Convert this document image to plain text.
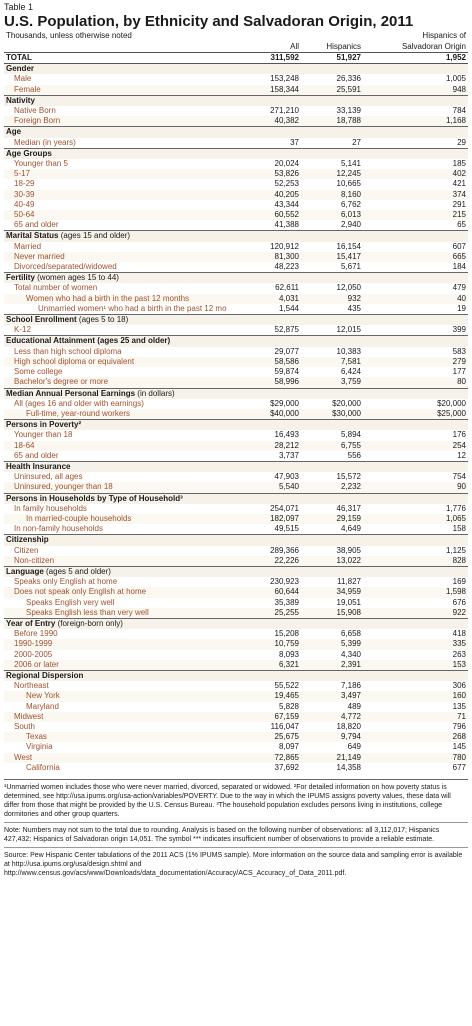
Table 1
U.S. Population, by Ethnicity and Salvadoran Origin, 2011
Thousands, unless otherwise noted			Hispanics of
	All	Hispanics	Salvadoran Origin
TOTAL	311,592	51,927	1,952
Gender			
Male	153,248	26,336	1,005
Female	158,344	25,591	948
Nativity			
Native Born	271,210	33,139	784
Foreign Born	40,382	18,788	1,168
Age			
Median (in years)	37	27	29
Age Groups			
Younger than 5	20,024	5,141	185
5-17	53,826	12,245	402
18-29	52,253	10,665	421
30-39	40,205	8,160	374
40-49	43,344	6,762	291
50-64	60,552	6,013	215
65 and older	41,388	2,940	65
Marital Status (ages 15 and older)			
Married	120,912	16,154	607
Never married	81,300	15,417	665
Divorced/separated/widowed	48,223	5,671	184
Fertility (women ages 15 to 44)			
Total number of women	62,611	12,050	479
Women who had a birth in the past 12 months	4,031	932	40
Unmarried women¹ who had a birth in the past 12 mo	1,544	435	19
School Enrollment (ages 5 to 18)			
K-12	52,875	12,015	399
Educational Attainment (ages 25 and older)			
Less than high school diploma	29,077	10,383	583
High school diploma or equivalent	58,586	7,581	279
Some college	59,874	6,424	177
Bachelor's degree or more	58,996	3,759	80
Median Annual Personal Earnings (in dollars)			
All (ages 16 and older with earnings)	$29,000	$20,000	$20,000
Full-time, year-round workers	$40,000	$30,000	$25,000
Persons in Poverty²			
Younger than 18	16,493	5,894	176
18-64	28,212	6,755	254
65 and older	3,737	556	12
Health Insurance			
Uninsured, all ages	47,903	15,572	754
Uninsured, younger than 18	5,540	2,232	90
Persons in Households by Type of Household³			
In family households	254,071	46,317	1,776
In married-couple households	182,097	29,159	1,065
In non-family households	49,515	4,649	158
Citizenship			
Citizen	289,366	38,905	1,125
Non-citizen	22,226	13,022	828
Language (ages 5 and older)			
Speaks only English at home	230,923	11,827	169
Does not speak only English at home	60,644	34,959	1,598
Speaks English very well	35,389	19,051	676
Speaks English less than very well	25,255	15,908	922
Year of Entry (foreign-born only)			
Before 1990	15,208	6,658	418
1990-1999	10,759	5,399	335
2000-2005	8,093	4,340	263
2006 or later	6,321	2,391	153
Regional Dispersion			
Northeast	55,522	7,186	306
New York	19,465	3,497	160
Maryland	5,828	489	135
Midwest	67,159	4,772	71
South	116,047	18,820	796
Texas	25,675	9,794	268
Virginia	8,097	649	145
West	72,865	21,149	780
California	37,692	14,358	677
¹Unmarried women includes those who were never married, divorced, separated or widowed. ²For detailed information on how poverty status is determined, see http://usa.ipums.org/usa-action/variables/POVERTY. Due to the way in which the IPUMS assigns poverty values, these data will differ from those that might be provided by the U.S. Census Bureau. ³The household population excludes persons living in institutions, college dormitories and other group quarters.
Note: Numbers may not sum to the total due to rounding. Analysis is based on the following number of observations: all 3,112,017; Hispanics 427,432; Hispanics of Salvadoran origin 14,051. The symbol *** indicates insufficient number of observations to provide a reliable estimate.
Source: Pew Hispanic Center tabulations of the 2011 ACS (1% IPUMS sample). More information on the source data and sampling error is available at http://usa.ipums.org/usa/design.shtml and http://www.census.gov/acs/www/Downloads/data_documentation/Accuracy/ACS_Accuracy_of_Data_2011.pdf.
